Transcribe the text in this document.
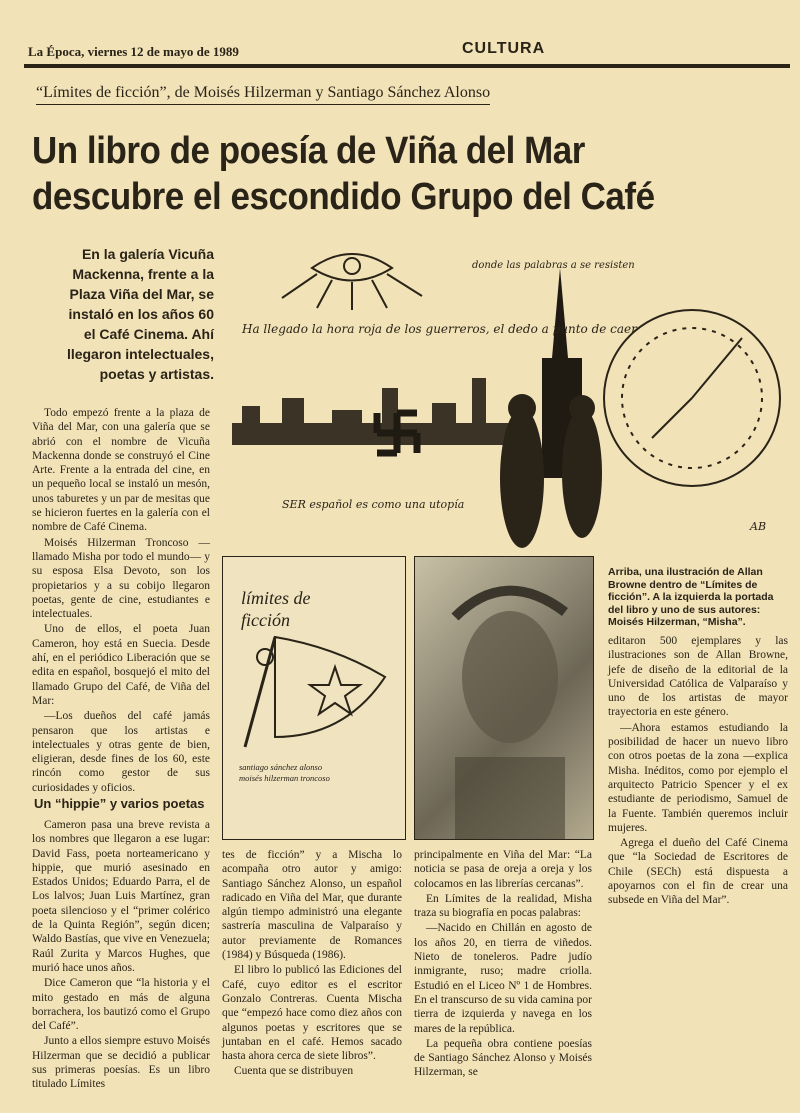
La Época, viernes 12 de mayo de 1989	CULTURA
“Límites de ficción”, de Moisés Hilzerman y Santiago Sánchez Alonso
Un libro de poesía de Viña del Mar
descubre el escondido Grupo del Café
En la galería Vicuña Mackenna, frente a la Plaza Viña del Mar, se instaló en los años 60 el Café Cinema. Ahí llegaron intelectuales, poetas y artistas.
Ha llegado la hora roja de los guerreros, el dedo a punto de caer
donde las palabras a se resisten
SER español es como una utopía
AB
límites de ficción
santiago sánchez alonso
moisés hilzerman troncoso
Arriba, una ilustración de Allan Browne dentro de “Límites de ficción”. A la izquierda la portada del libro y uno de sus autores: Moisés Hilzerman, “Misha”.

Todo empezó frente a la plaza de Viña del Mar, con una galería que se abrió con el nombre de Vicuña Mackenna donde se construyó el Cine Arte. Frente a la entrada del cine, en un pequeño local se instaló un mesón, unos taburetes y un par de mesitas que se hicieron fuertes en la galería con el nombre de Café Cinema.

Moisés Hilzerman Troncoso —llamado Misha por todo el mundo— y su esposa Elsa Devoto, son los propietarios y a su cobijo llegaron poetas, gente de cine, estudiantes e intelectuales.

Uno de ellos, el poeta Juan Cameron, hoy está en Suecia. Desde ahí, en el periódico Liberación que se edita en español, bosquejó el mito del llamado Grupo del Café, de Viña del Mar:

—Los dueños del café jamás pensaron que los artistas e intelectuales y otras gente de bien, eligieran, desde fines de los 60, este rincón como gestor de sus curiosidades y oficios.

Un “hippie” y varios poetas

Cameron pasa una breve revista a los nombres que llegaron a ese lugar: David Fass, poeta norteamericano y hippie, que murió asesinado en Estados Unidos; Eduardo Parra, el de Los lalvos; Juan Luis Martínez, gran poeta silencioso y el “primer colérico de la Quinta Región”, según dicen; Waldo Bastías, que vive en Venezuela; Raúl Zurita y Marcos Hughes, que murió hace unos años.

Dice Cameron que “la historia y el mito gestado en más de alguna borrachera, los bautizó como el Grupo del Café”.

Junto a ellos siempre estuvo Moisés Hilzerman que se decidió a publicar sus primeras poesías. Es un libro titulado Límites

tes de ficción” y a Mischa lo acompaña otro autor y amigo: Santiago Sánchez Alonso, un español radicado en Viña del Mar, que durante algún tiempo administró una elegante sastrería masculina de Valparaíso y autor previamente de Romances (1984) y Búsqueda (1986).

El libro lo publicó las Ediciones del Café, cuyo editor es el escritor Gonzalo Contreras. Cuenta Mischa que “empezó hace como diez años con algunos poetas y escritores que se juntaban en el café. Hemos sacado hasta ahora cerca de siete libros”.

Cuenta que se distribuyen

principalmente en Viña del Mar: “La noticia se pasa de oreja a oreja y los colocamos en las librerías cercanas”.

En Límites de la realidad, Misha traza su biografía en pocas palabras:

—Nacido en Chillán en agosto de los años 20, en tierra de viñedos. Nieto de toneleros. Padre judío inmigrante, ruso; madre criolla. Estudió en el Liceo Nº 1 de Hombres. En el transcurso de su vida camina por tierra de izquierda y navega en los mares de la república.

La pequeña obra contiene poesías de Santiago Sánchez Alonso y Moisés Hilzerman, se

editaron 500 ejemplares y las ilustraciones son de Allan Browne, jefe de diseño de la editorial de la Universidad Católica de Valparaíso y uno de los artistas de mayor trayectoria en este género.

—Ahora estamos estudiando la posibilidad de hacer un nuevo libro con otros poetas de la zona —explica Misha. Inéditos, como por ejemplo el arquitecto Patricio Spencer y el ex estudiante de periodismo, Samuel de la Fuente. También queremos incluir mujeres.

Agrega el dueño del Café Cinema que “la Sociedad de Escritores de Chile (SECh) está dispuesta a apoyarnos con el fin de crear una subsede en Viña del Mar”.
